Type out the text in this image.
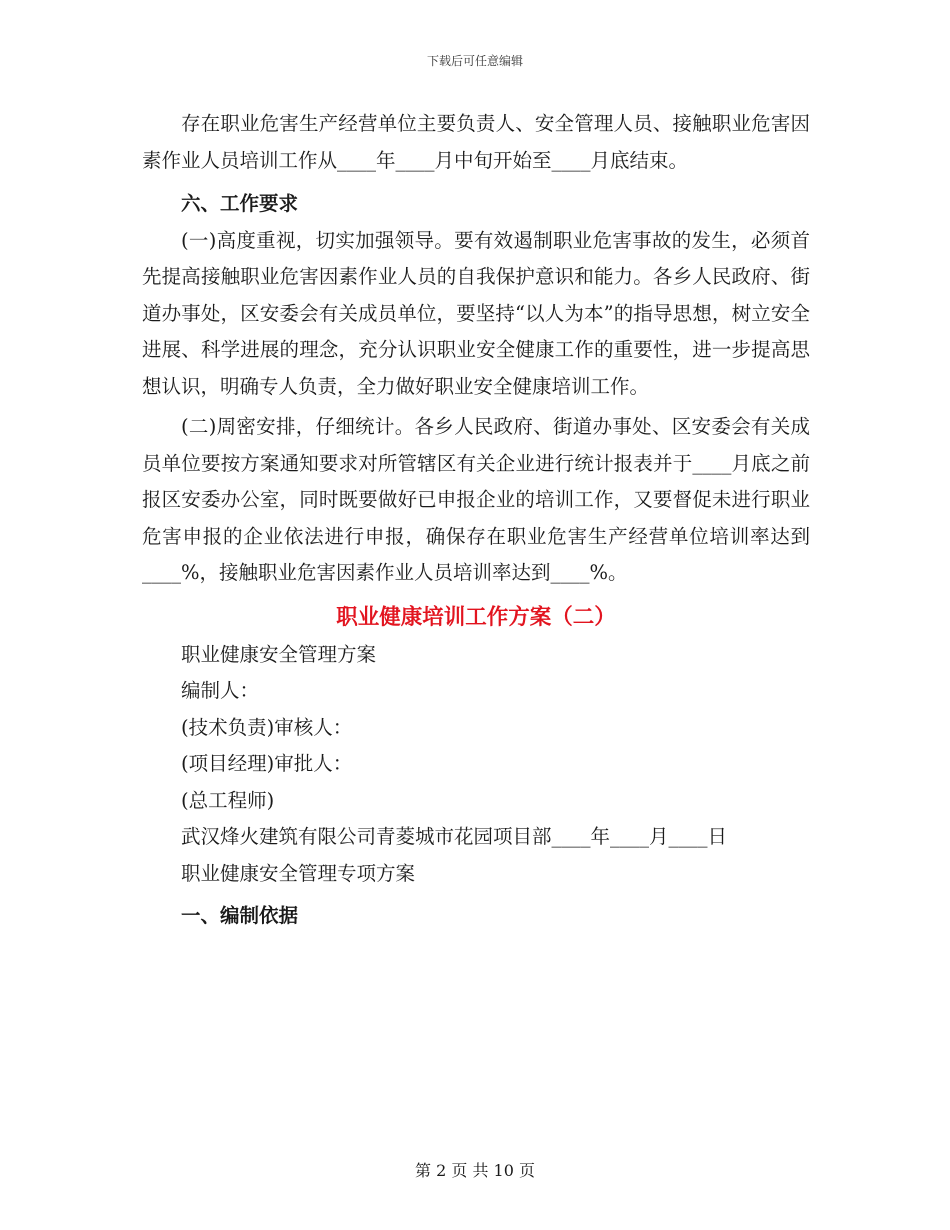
下载后可任意编辑

存在职业危害生产经营单位主要负责人、安全管理人员、接触职业危害因素作业人员培训工作从____年____月中旬开始至____月底结束。

六、工作要求

(一)高度重视，切实加强领导。要有效遏制职业危害事故的发生，必须首先提高接触职业危害因素作业人员的自我保护意识和能力。各乡人民政府、街道办事处，区安委会有关成员单位，要坚持“以人为本”的指导思想，树立安全进展、科学进展的理念，充分认识职业安全健康工作的重要性，进一步提高思想认识，明确专人负责，全力做好职业安全健康培训工作。

(二)周密安排，仔细统计。各乡人民政府、街道办事处、区安委会有关成员单位要按方案通知要求对所管辖区有关企业进行统计报表并于____月底之前报区安委办公室，同时既要做好已申报企业的培训工作，又要督促未进行职业危害申报的企业依法进行申报，确保存在职业危害生产经营单位培训率达到____%，接触职业危害因素作业人员培训率达到____%。

职业健康培训工作方案（二）

职业健康安全管理方案

编制人：

(技术负责)审核人：

(项目经理)审批人：

(总工程师)

武汉烽火建筑有限公司青菱城市花园项目部____年____月____日

职业健康安全管理专项方案

一、编制依据

第 2 页 共 10 页
